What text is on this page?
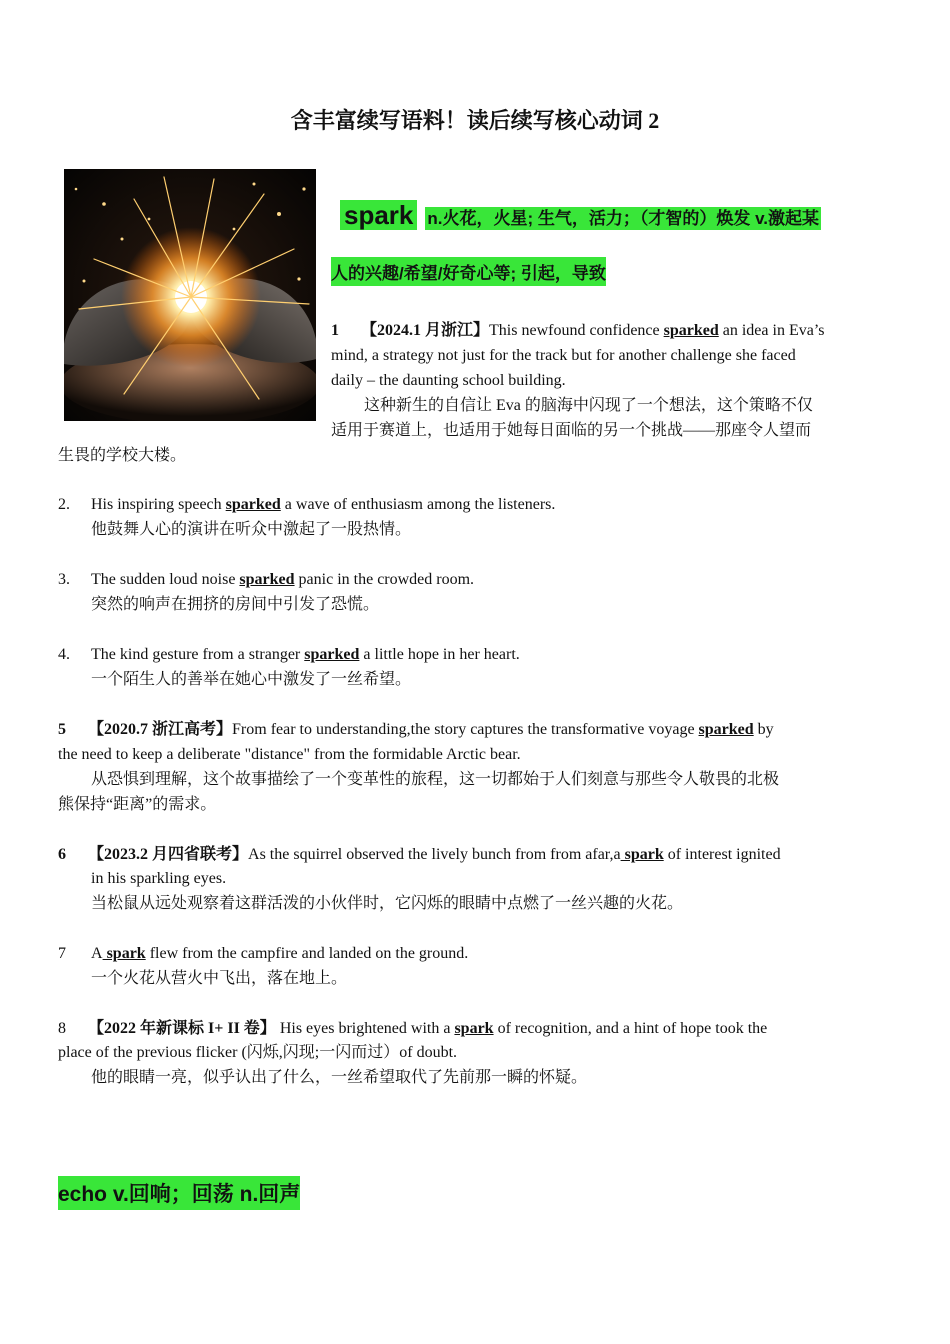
含丰富续写语料！读后续写核心动词 2
spark n.火花，火星; 生气，活力；（才智的）焕发 v.激起某
人的兴趣/希望/好奇心等; 引起，导致
1 【2024.1 月浙江】This newfound confidence sparked an idea in Eva’s
mind, a strategy not just for the track but for another challenge she faced
daily – the daunting school building.
这种新生的自信让 Eva 的脑海中闪现了一个想法，这个策略不仅
适用于赛道上，也适用于她每日面临的另一个挑战——那座令人望而
生畏的学校大楼。
2. His inspiring speech sparked a wave of enthusiasm among the listeners.
他鼓舞人心的演讲在听众中激起了一股热情。
3. The sudden loud noise sparked panic in the crowded room.
突然的响声在拥挤的房间中引发了恐慌。
4. The kind gesture from a stranger sparked a little hope in her heart.
一个陌生人的善举在她心中激发了一丝希望。
5 【2020.7 浙江高考】From fear to understanding,the story captures the transformative voyage sparked by
the need to keep a deliberate "distance" from the formidable Arctic bear.
从恐惧到理解，这个故事描绘了一个变革性的旅程，这一切都始于人们刻意与那些令人敬畏的北极
熊保持“距离”的需求。
6 【2023.2 月四省联考】As the squirrel observed the lively bunch from from afar,a spark of interest ignited
in his sparkling eyes.
当松鼠从远处观察着这群活泼的小伙伴时，它闪烁的眼睛中点燃了一丝兴趣的火花。
7 A spark flew from the campfire and landed on the ground.
一个火花从营火中飞出，落在地上。
8 【2022 年新课标 I+ II 卷】 His eyes brightened with a spark of recognition, and a hint of hope took the
place of the previous flicker (闪烁,闪现;一闪而过）of doubt.
他的眼睛一亮，似乎认出了什么，一丝希望取代了先前那一瞬的怀疑。
echo v.回响；回荡 n.回声
